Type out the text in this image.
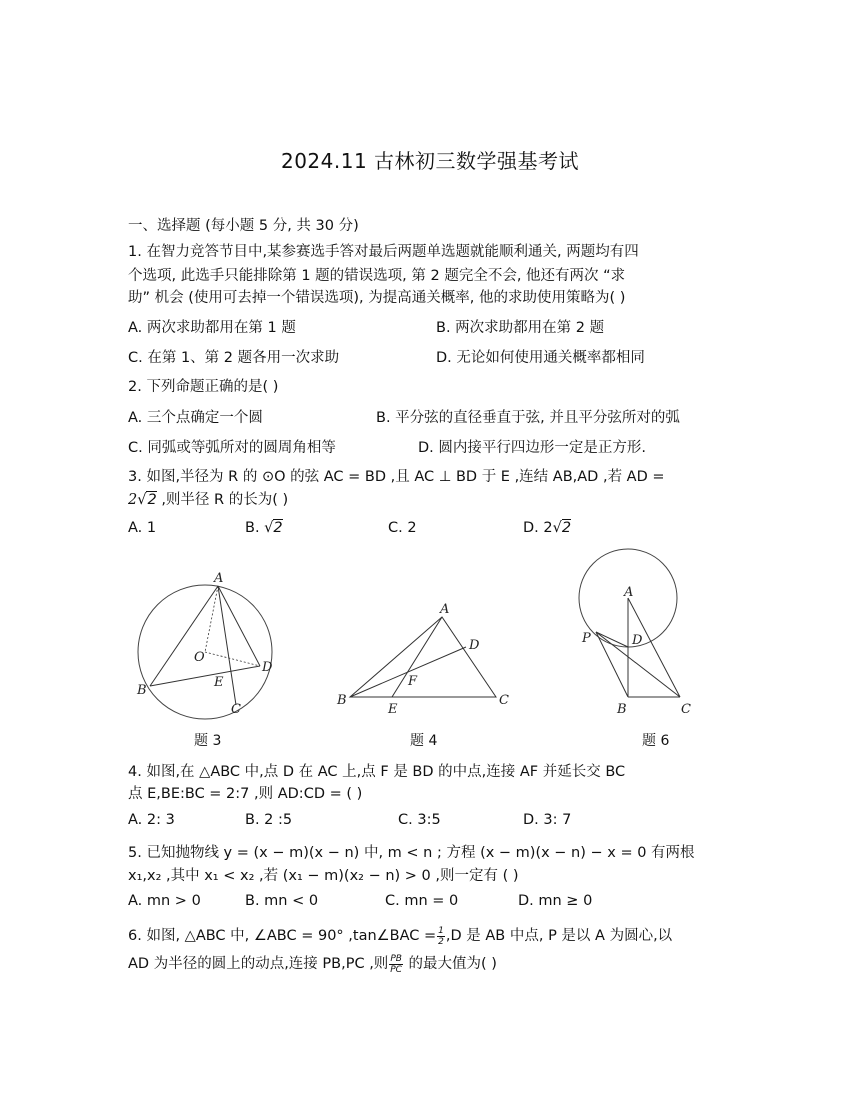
2024.11 古林初三数学强基考试
一、选择题 (每小题 5 分, 共 30 分)
1. 在智力竞答节目中,某参赛选手答对最后两题单选题就能顺利通关, 两题均有四
个选项, 此选手只能排除第 1 题的错误选项, 第 2 题完全不会, 他还有两次 “求
助” 机会 (使用可去掉一个错误选项), 为提高通关概率, 他的求助使用策略为( )
A. 两次求助都用在第 1 题	B. 两次求助都用在第 2 题
C. 在第 1、第 2 题各用一次求助	D. 无论如何使用通关概率都相同
2. 下列命题正确的是( )
A. 三个点确定一个圆	B. 平分弦的直径垂直于弦, 并且平分弦所对的弧
C. 同弧或等弧所对的圆周角相等	D. 圆内接平行四边形一定是正方形.
3. 如图,半径为 R 的 ⊙O 的弦 AC = BD ,且 AC ⊥ BD 于 E ,连结 AB,AD ,若 AD =
2√2 ,则半径 R 的长为( )
A. 1	B. √2	C. 2	D. 2√2
A
O
D
E
B
C
A
D
F
B
E
C
A
P	D
B	C
题 3	题 4	题 6
4. 如图,在 △ABC 中,点 D 在 AC 上,点 F 是 BD 的中点,连接 AF 并延长交 BC
点 E,BE:BC = 2:7 ,则 AD:CD = ( )
A. 2: 3	B. 2 :5	C. 3:5	D. 3: 7
5. 已知抛物线 y = (x − m)(x − n) 中, m < n ; 方程 (x − m)(x − n) − x = 0 有两根
x₁,x₂ ,其中 x₁ < x₂ ,若 (x₁ − m)(x₂ − n) > 0 ,则一定有 ( )
A. mn > 0	B. mn < 0	C. mn = 0	D. mn ≥ 0
6. 如图, △ABC 中, ∠ABC = 90° ,tan∠BAC = $\frac{1}{2} ,D$ 是 AB 中点, P 是以 A 为圆心,以
AD 为半径的圆上的动点,连接 PB,PC ,则 $\frac{PB}{PC}$ 的最大值为( )
